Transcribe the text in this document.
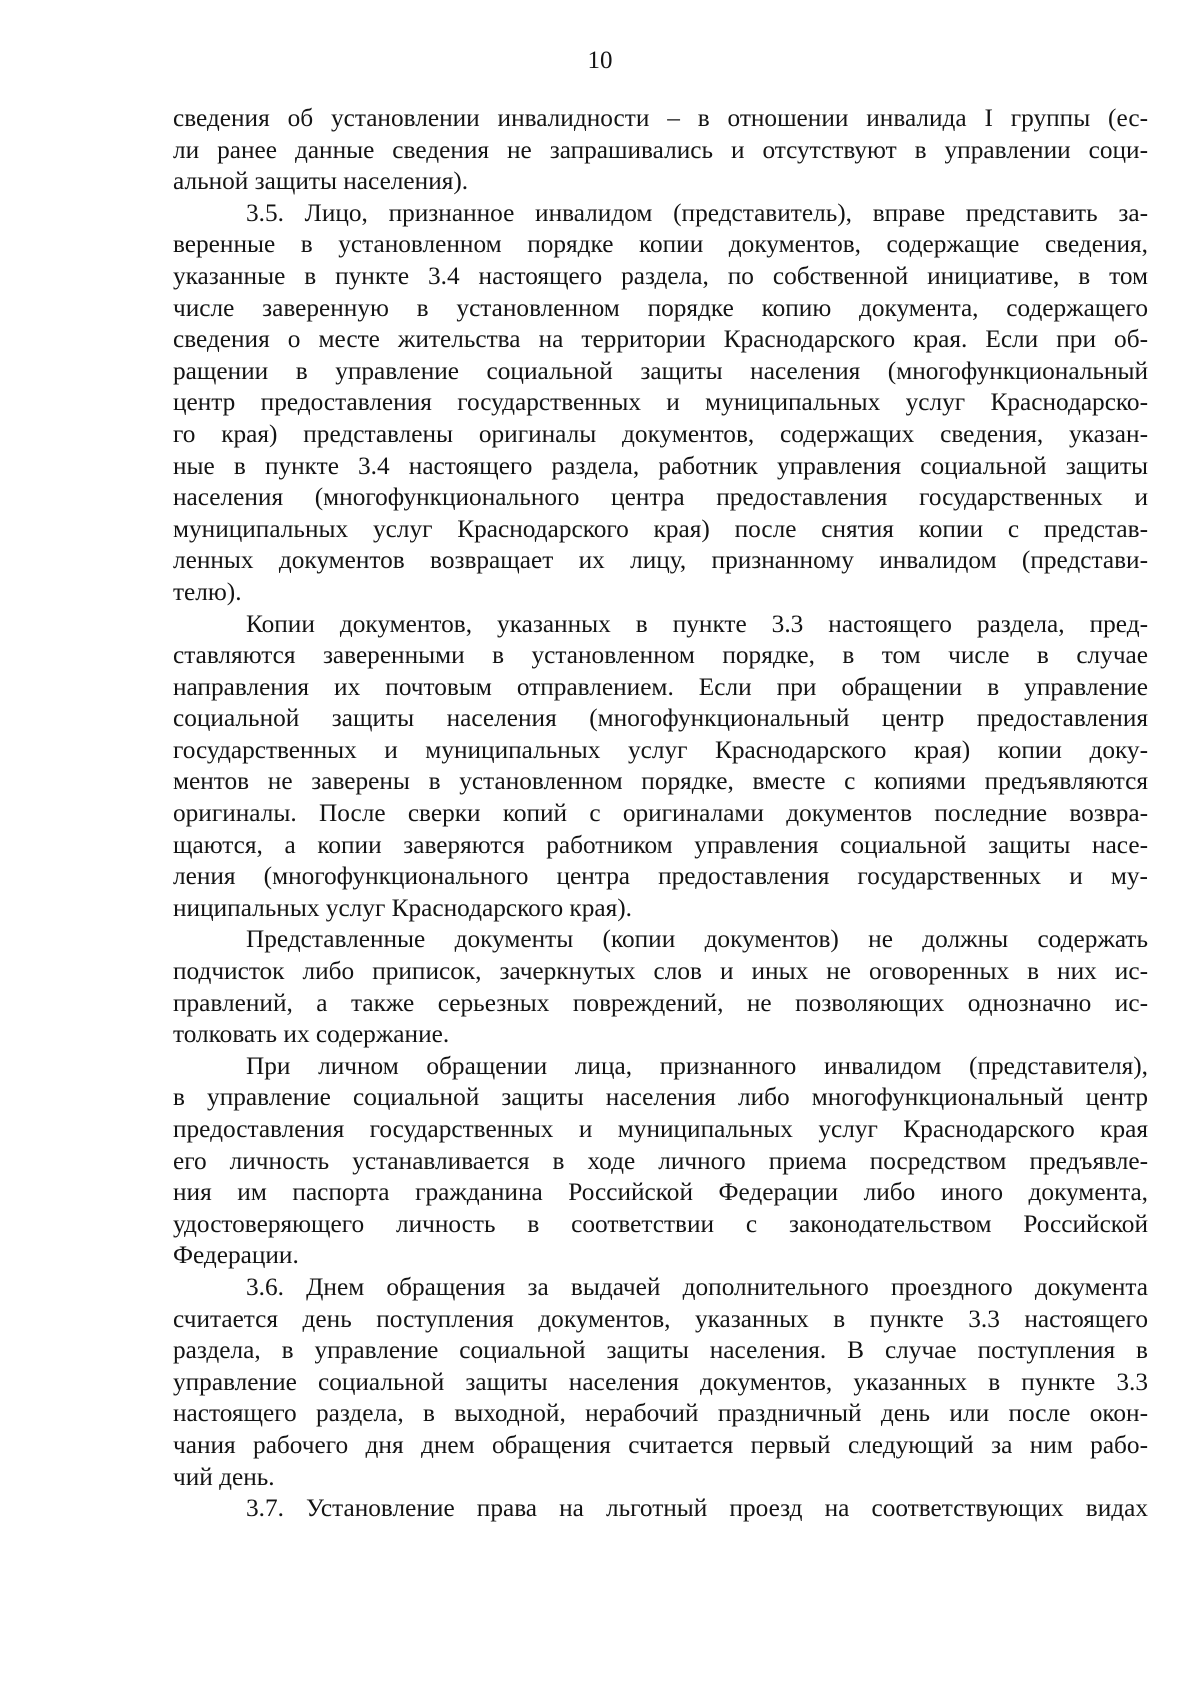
10

сведения об установлении инвалидности – в отношении инвалида I группы (ес-
ли ранее данные сведения не запрашивались и отсутствуют в управлении соци-
альной защиты населения).

3.5. Лицо, признанное инвалидом (представитель), вправе представить за-
веренные в установленном порядке копии документов, содержащие сведения,
указанные в пункте 3.4 настоящего раздела, по собственной инициативе, в том
числе заверенную в установленном порядке копию документа, содержащего
сведения о месте жительства на территории Краснодарского края. Если при об-
ращении в управление социальной защиты населения (многофункциональный
центр предоставления государственных и муниципальных услуг Краснодарско-
го края) представлены оригиналы документов, содержащих сведения, указан-
ные в пункте 3.4 настоящего раздела, работник управления социальной защиты
населения (многофункционального центра предоставления государственных и
муниципальных услуг Краснодарского края) после снятия копии с представ-
ленных документов возвращает их лицу, признанному инвалидом (представи-
телю).

Копии документов, указанных в пункте 3.3 настоящего раздела, пред-
ставляются заверенными в установленном порядке, в том числе в случае
направления их почтовым отправлением. Если при обращении в управление
социальной защиты населения (многофункциональный центр предоставления
государственных и муниципальных услуг Краснодарского края) копии доку-
ментов не заверены в установленном порядке, вместе с копиями предъявляются
оригиналы. После сверки копий с оригиналами документов последние возвра-
щаются, а копии заверяются работником управления социальной защиты насе-
ления (многофункционального центра предоставления государственных и му-
ниципальных услуг Краснодарского края).

Представленные документы (копии документов) не должны содержать
подчисток либо приписок, зачеркнутых слов и иных не оговоренных в них ис-
правлений, а также серьезных повреждений, не позволяющих однозначно ис-
толковать их содержание.

При личном обращении лица, признанного инвалидом (представителя),
в управление социальной защиты населения либо многофункциональный центр
предоставления государственных и муниципальных услуг Краснодарского края
его личность устанавливается в ходе личного приема посредством предъявле-
ния им паспорта гражданина Российской Федерации либо иного документа,
удостоверяющего личность в соответствии с законодательством Российской
Федерации.

3.6. Днем обращения за выдачей дополнительного проездного документа
считается день поступления документов, указанных в пункте 3.3 настоящего
раздела, в управление социальной защиты населения. В случае поступления в
управление социальной защиты населения документов, указанных в пункте 3.3
настоящего раздела, в выходной, нерабочий праздничный день или после окон-
чания рабочего дня днем обращения считается первый следующий за ним рабо-
чий день.

3.7. Установление права на льготный проезд на соответствующих видах
